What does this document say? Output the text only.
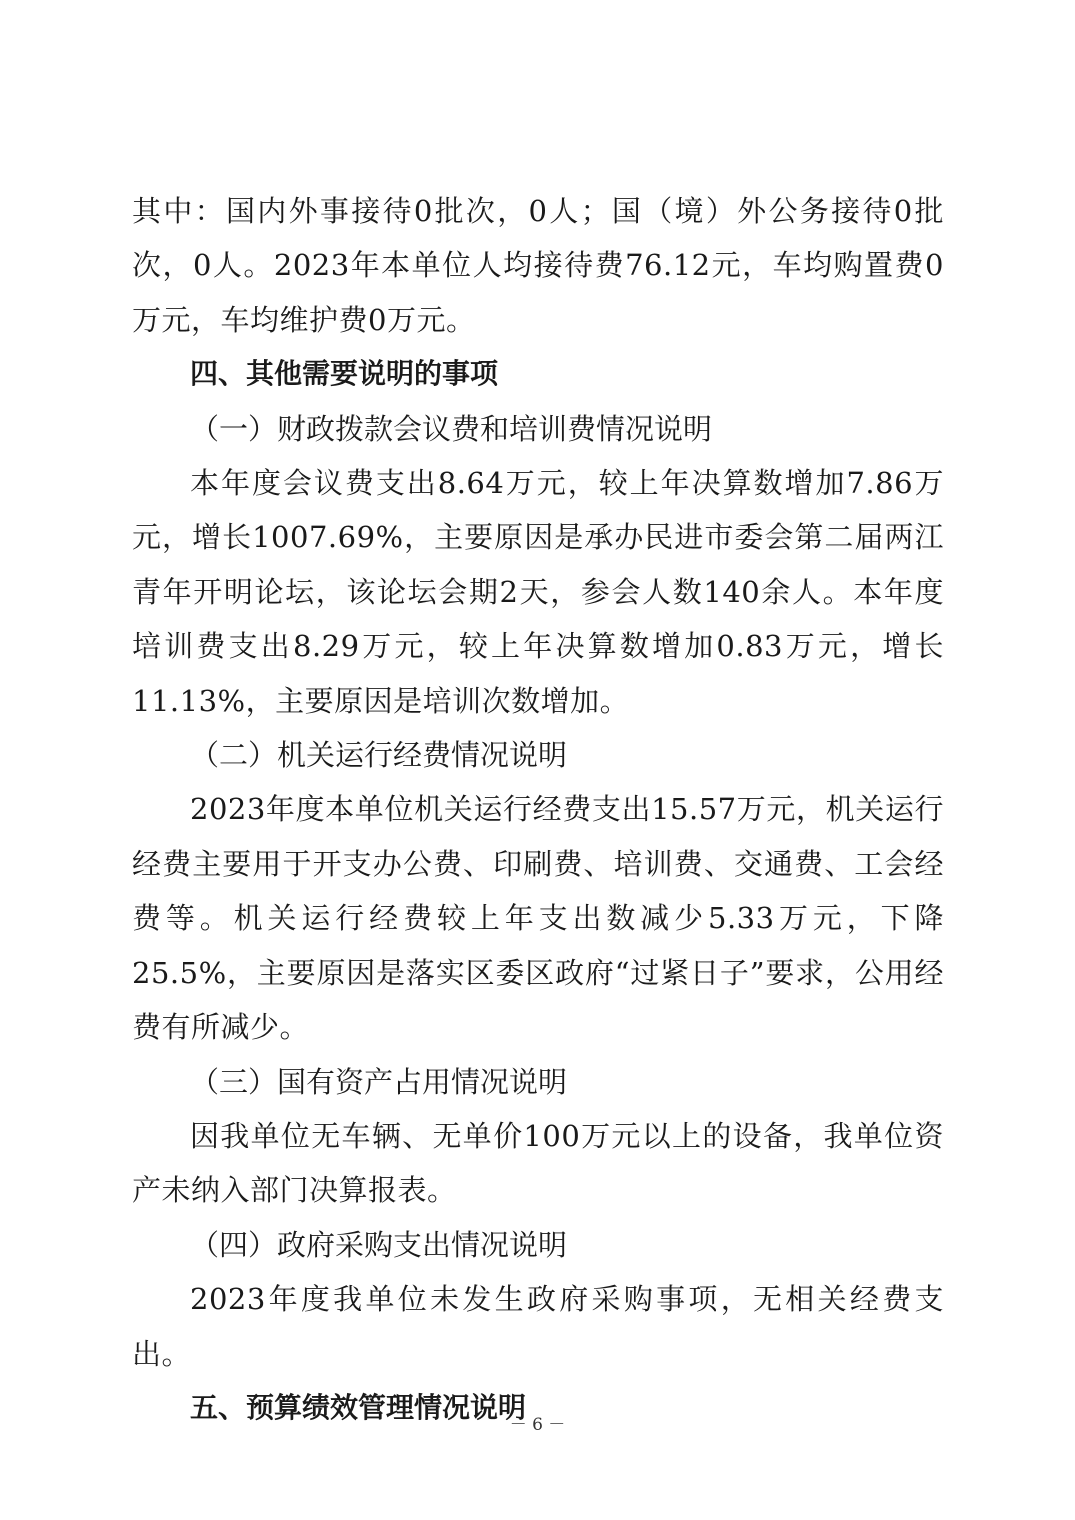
其中：国内外事接待0批次，0人；国（境）外公务接待0批次，0人。2023年本单位人均接待费76.12元，车均购置费0万元，车均维护费0万元。

四、其他需要说明的事项

（一）财政拨款会议费和培训费情况说明

本年度会议费支出8.64万元，较上年决算数增加7.86万元，增长1007.69%，主要原因是承办民进市委会第二届两江青年开明论坛，该论坛会期2天，参会人数140余人。本年度培训费支出8.29万元，较上年决算数增加0.83万元，增长11.13%，主要原因是培训次数增加。

（二）机关运行经费情况说明

2023年度本单位机关运行经费支出15.57万元，机关运行经费主要用于开支办公费、印刷费、培训费、交通费、工会经费等。机关运行经费较上年支出数减少5.33万元，下降25.5%，主要原因是落实区委区政府“过紧日子”要求，公用经费有所减少。

（三）国有资产占用情况说明

因我单位无车辆、无单价100万元以上的设备，我单位资产未纳入部门决算报表。

（四）政府采购支出情况说明

2023年度我单位未发生政府采购事项，无相关经费支出。

五、预算绩效管理情况说明

－ 6 －
